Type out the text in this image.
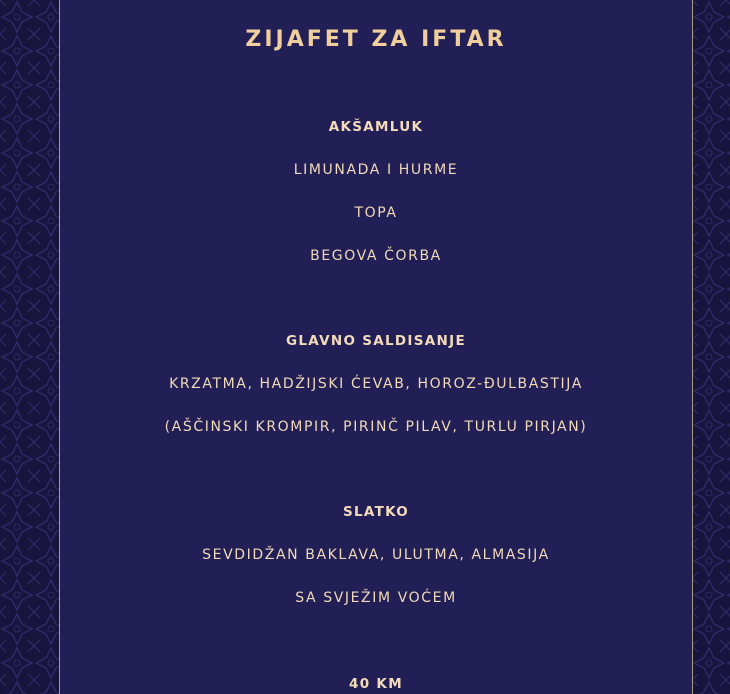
ZIJAFET ZA IFTAR
AKŠAMLUK
LIMUNADA I HURME
TOPA
BEGOVA ČORBA
GLAVNO SALDISANJE
KRZATMA, HADŽIJSKI ĆEVAB, HOROZ-ĐULBASTIJA
(AŠČINSKI KROMPIR, PIRINČ PILAV, TURLU PIRJAN)
SLATKO
SEVDIDŽAN BAKLAVA, ULUTMA, ALMASIJA
SA SVJEŽIM VOĆEM
40 KM
